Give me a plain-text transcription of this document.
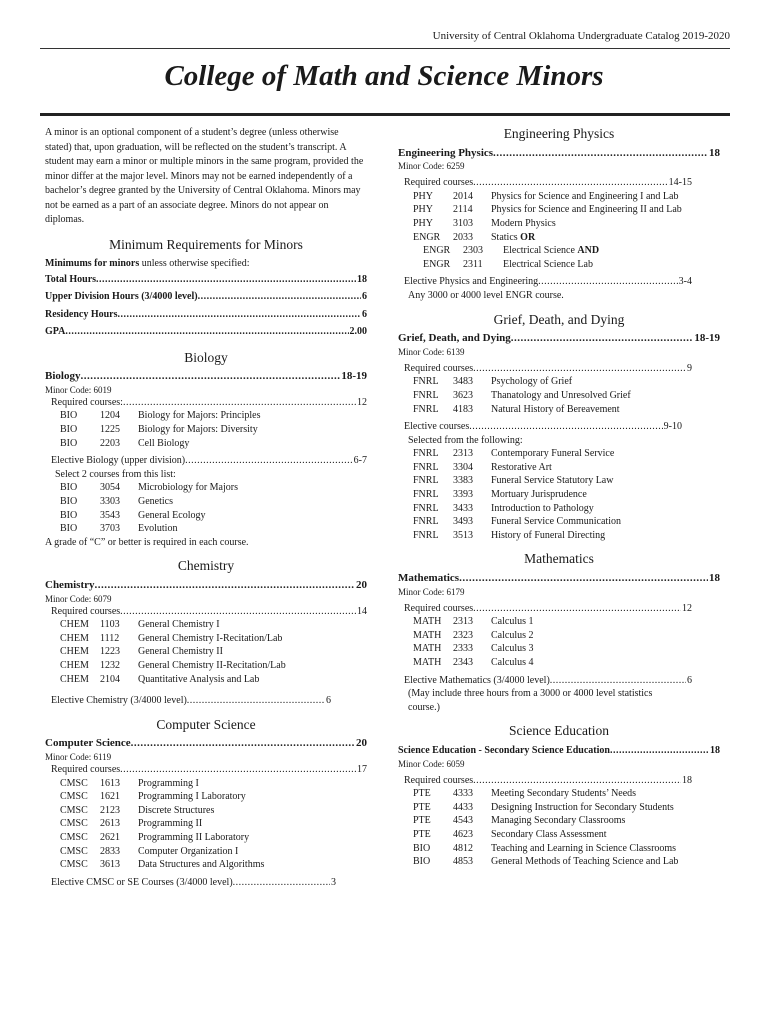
University of Central Oklahoma Undergraduate Catalog 2019-2020
College of Math and Science Minors

A minor is an optional component of a student’s degree (unless otherwise stated) that, upon graduation, will be reflected on the student’s transcript. A student may earn a minor or multiple minors in the same program, provided the minor differ at the major level. Minors may not be earned independently of a bachelor’s degree granted by the University of Central Oklahoma. Minors may not be earned as a part of an associate degree. Minors do not appear on diplomas.

Minimum Requirements for Minors

Minimums for minors unless otherwise specified:

Total Hours .....	18
Upper Division Hours (3/4000 level) .....	6
Residency Hours .....	6
GPA .....	2.00
Biology
Biology .....	18-19
Minor Code: 6019
Required courses: .....	12
BIO	1204	Biology for Majors: Principles
BIO	1225	Biology for Majors: Diversity
BIO	2203	Cell Biology
Elective Biology (upper division) .....	6-7
Select 2 courses from this list:
BIO	3054	Microbiology for Majors
BIO	3303	Genetics
BIO	3543	General Ecology
BIO	3703	Evolution
A grade of “C” or better is required in each course.
Chemistry
Chemistry .....	20
Minor Code: 6079
Required courses .....	14
CHEM	1103	General Chemistry I
CHEM	1112	General Chemistry I-Recitation/Lab
CHEM	1223	General Chemistry II
CHEM	1232	General Chemistry II-Recitation/Lab
CHEM	2104	Quantitative Analysis and Lab
Elective Chemistry (3/4000 level) .....	6
Computer Science
Computer Science .....	20
Minor Code: 6119
Required courses .....	17
CMSC	1613	Programming I
CMSC	1621	Programming I Laboratory
CMSC	2123	Discrete Structures
CMSC	2613	Programming II
CMSC	2621	Programming II Laboratory
CMSC	2833	Computer Organization I
CMSC	3613	Data Structures and Algorithms
Elective CMSC or SE Courses (3/4000 level) .....	3
Engineering Physics
Engineering Physics .....	18
Minor Code: 6259
Required courses .....	14-15
PHY	2014	Physics for Science and Engineering I and Lab
PHY	2114	Physics for Science and Engineering II and Lab
PHY	3103	Modern Physics
ENGR	2033	Statics OR
ENGR	2303	Electrical Science AND
ENGR	2311	Electrical Science Lab
Elective Physics and Engineering .....	3-4
Any 3000 or 4000 level ENGR course.
Grief, Death, and Dying
Grief, Death, and Dying .....	18-19
Minor Code: 6139
Required courses .....	9
FNRL	3483	Psychology of Grief
FNRL	3623	Thanatology and Unresolved Grief
FNRL	4183	Natural History of Bereavement
Elective courses .....	9-10
Selected from the following:
FNRL	2313	Contemporary Funeral Service
FNRL	3304	Restorative Art
FNRL	3383	Funeral Service Statutory Law
FNRL	3393	Mortuary Jurisprudence
FNRL	3433	Introduction to Pathology
FNRL	3493	Funeral Service Communication
FNRL	3513	History of Funeral Directing
Mathematics
Mathematics .....	18
Minor Code: 6179
Required courses .....	12
MATH	2313	Calculus 1
MATH	2323	Calculus 2
MATH	2333	Calculus 3
MATH	2343	Calculus 4
Elective Mathematics (3/4000 level) .....	6
(May include three hours from a 3000 or 4000 level statistics course.)
Science Education
Science Education - Secondary Science Education .....	18
Minor Code: 6059
Required courses .....	18
PTE	4333	Meeting Secondary Students’ Needs
PTE	4433	Designing Instruction for Secondary Students
PTE	4543	Managing Secondary Classrooms
PTE	4623	Secondary Class Assessment
BIO	4812	Teaching and Learning in Science Classrooms
BIO	4853	General Methods of Teaching Science and Lab
